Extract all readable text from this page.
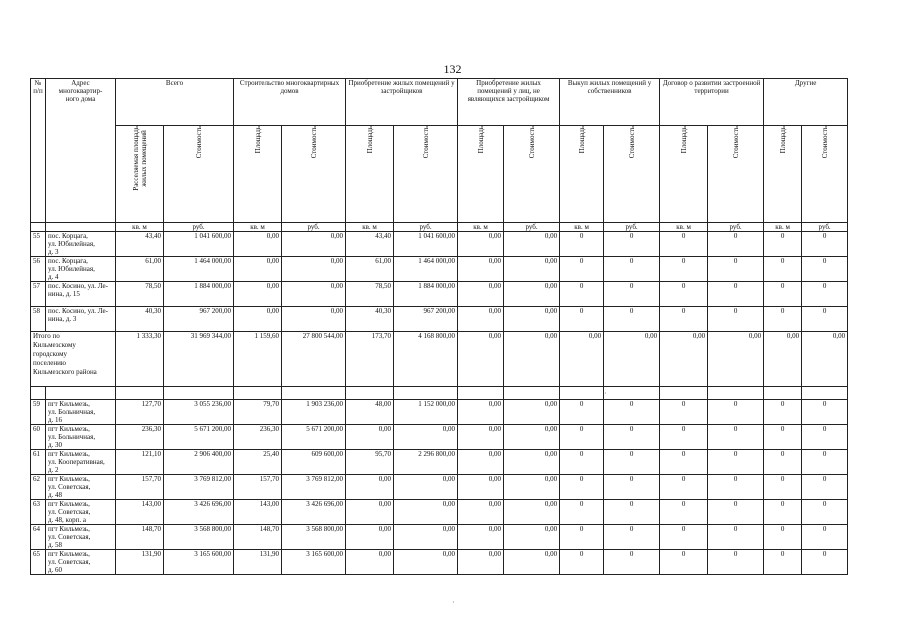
132
№
п/п	Адрес
многоквартир-
ного дома	Всего		Строительство многоквартирных домов		Приобретение жилых помещений у застройщиков		Приобретение жилых помещений у лиц, не являющихся застройщиком		Выкуп жилых помещений у собственников		Договор о развитии застроенной территории		Другие	
		Расселяемая площадь
жилых помещений	Стоимость	Площадь	Стоимость	Площадь	Стоимость	Площадь	Стоимость	Площадь	Стоимость	Площадь	Стоимость	Площадь	Стоимость
		кв. м	руб.	кв. м	руб.	кв. м	руб.	кв. м	руб.	кв. м	руб.	кв. м	руб.	кв. м	руб.
55	пос. Корцага,
ул. Юбилейная,
д. 3	43,40	1 041 600,00	0,00	0,00	43,40	1 041 600,00	0,00	0,00	0	0	0	0	0	0
56	пос. Корцага,
ул. Юбилейная,
д. 4	61,00	1 464 000,00	0,00	0,00	61,00	1 464 000,00	0,00	0,00	0	0	0	0	0	0
57	пос. Косино, ул. Ле-
нина, д. 15	78,50	1 884 000,00	0,00	0,00	78,50	1 884 000,00	0,00	0,00	0	0	0	0	0	0
58	пос. Косино, ул. Ле-
нина, д. 3	40,30	967 200,00	0,00	0,00	40,30	967 200,00	0,00	0,00	0	0	0	0	0	0
Итого по
Кильмезскому
городскому
поселению
Кильмезского района		1 333,30	31 969 344,00	1 159,60	27 800 544,00	173,70	4 168 800,00	0,00	0,00	0,00	0,00	0,00	0,00	0,00	0,00

59	пгт Кильмезь,
ул. Больничная,
д. 16	127,70	3 055 236,00	79,70	1 903 236,00	48,00	1 152 000,00	0,00	0,00	0	0	0	0	0	0
60	пгт Кильмезь,
ул. Больничная,
д. 30	236,30	5 671 200,00	236,30	5 671 200,00	0,00	0,00	0,00	0,00	0	0	0	0	0	0
61	пгт Кильмезь,
ул. Кооперативная,
д. 2	121,10	2 906 400,00	25,40	609 600,00	95,70	2 296 800,00	0,00	0,00	0	0	0	0	0	0
62	пгт Кильмезь,
ул. Советская,
д. 48	157,70	3 769 812,00	157,70	3 769 812,00	0,00	0,00	0,00	0,00	0	0	0	0	0	0
63	пгт Кильмезь,
ул. Советская,
д. 48, корп. а	143,00	3 426 696,00	143,00	3 426 696,00	0,00	0,00	0,00	0,00	0	0	0	0	0	0
64	пгт Кильмезь,
ул. Советская,
д. 58	148,70	3 568 800,00	148,70	3 568 800,00	0,00	0,00	0,00	0,00	0	0	0	0	0	0
65	пгт Кильмезь,
ул. Советская,
д. 60	131,90	3 165 600,00	131,90	3 165 600,00	0,00	0,00	0,00	0,00	0	0	0	0	0	0
·
·
